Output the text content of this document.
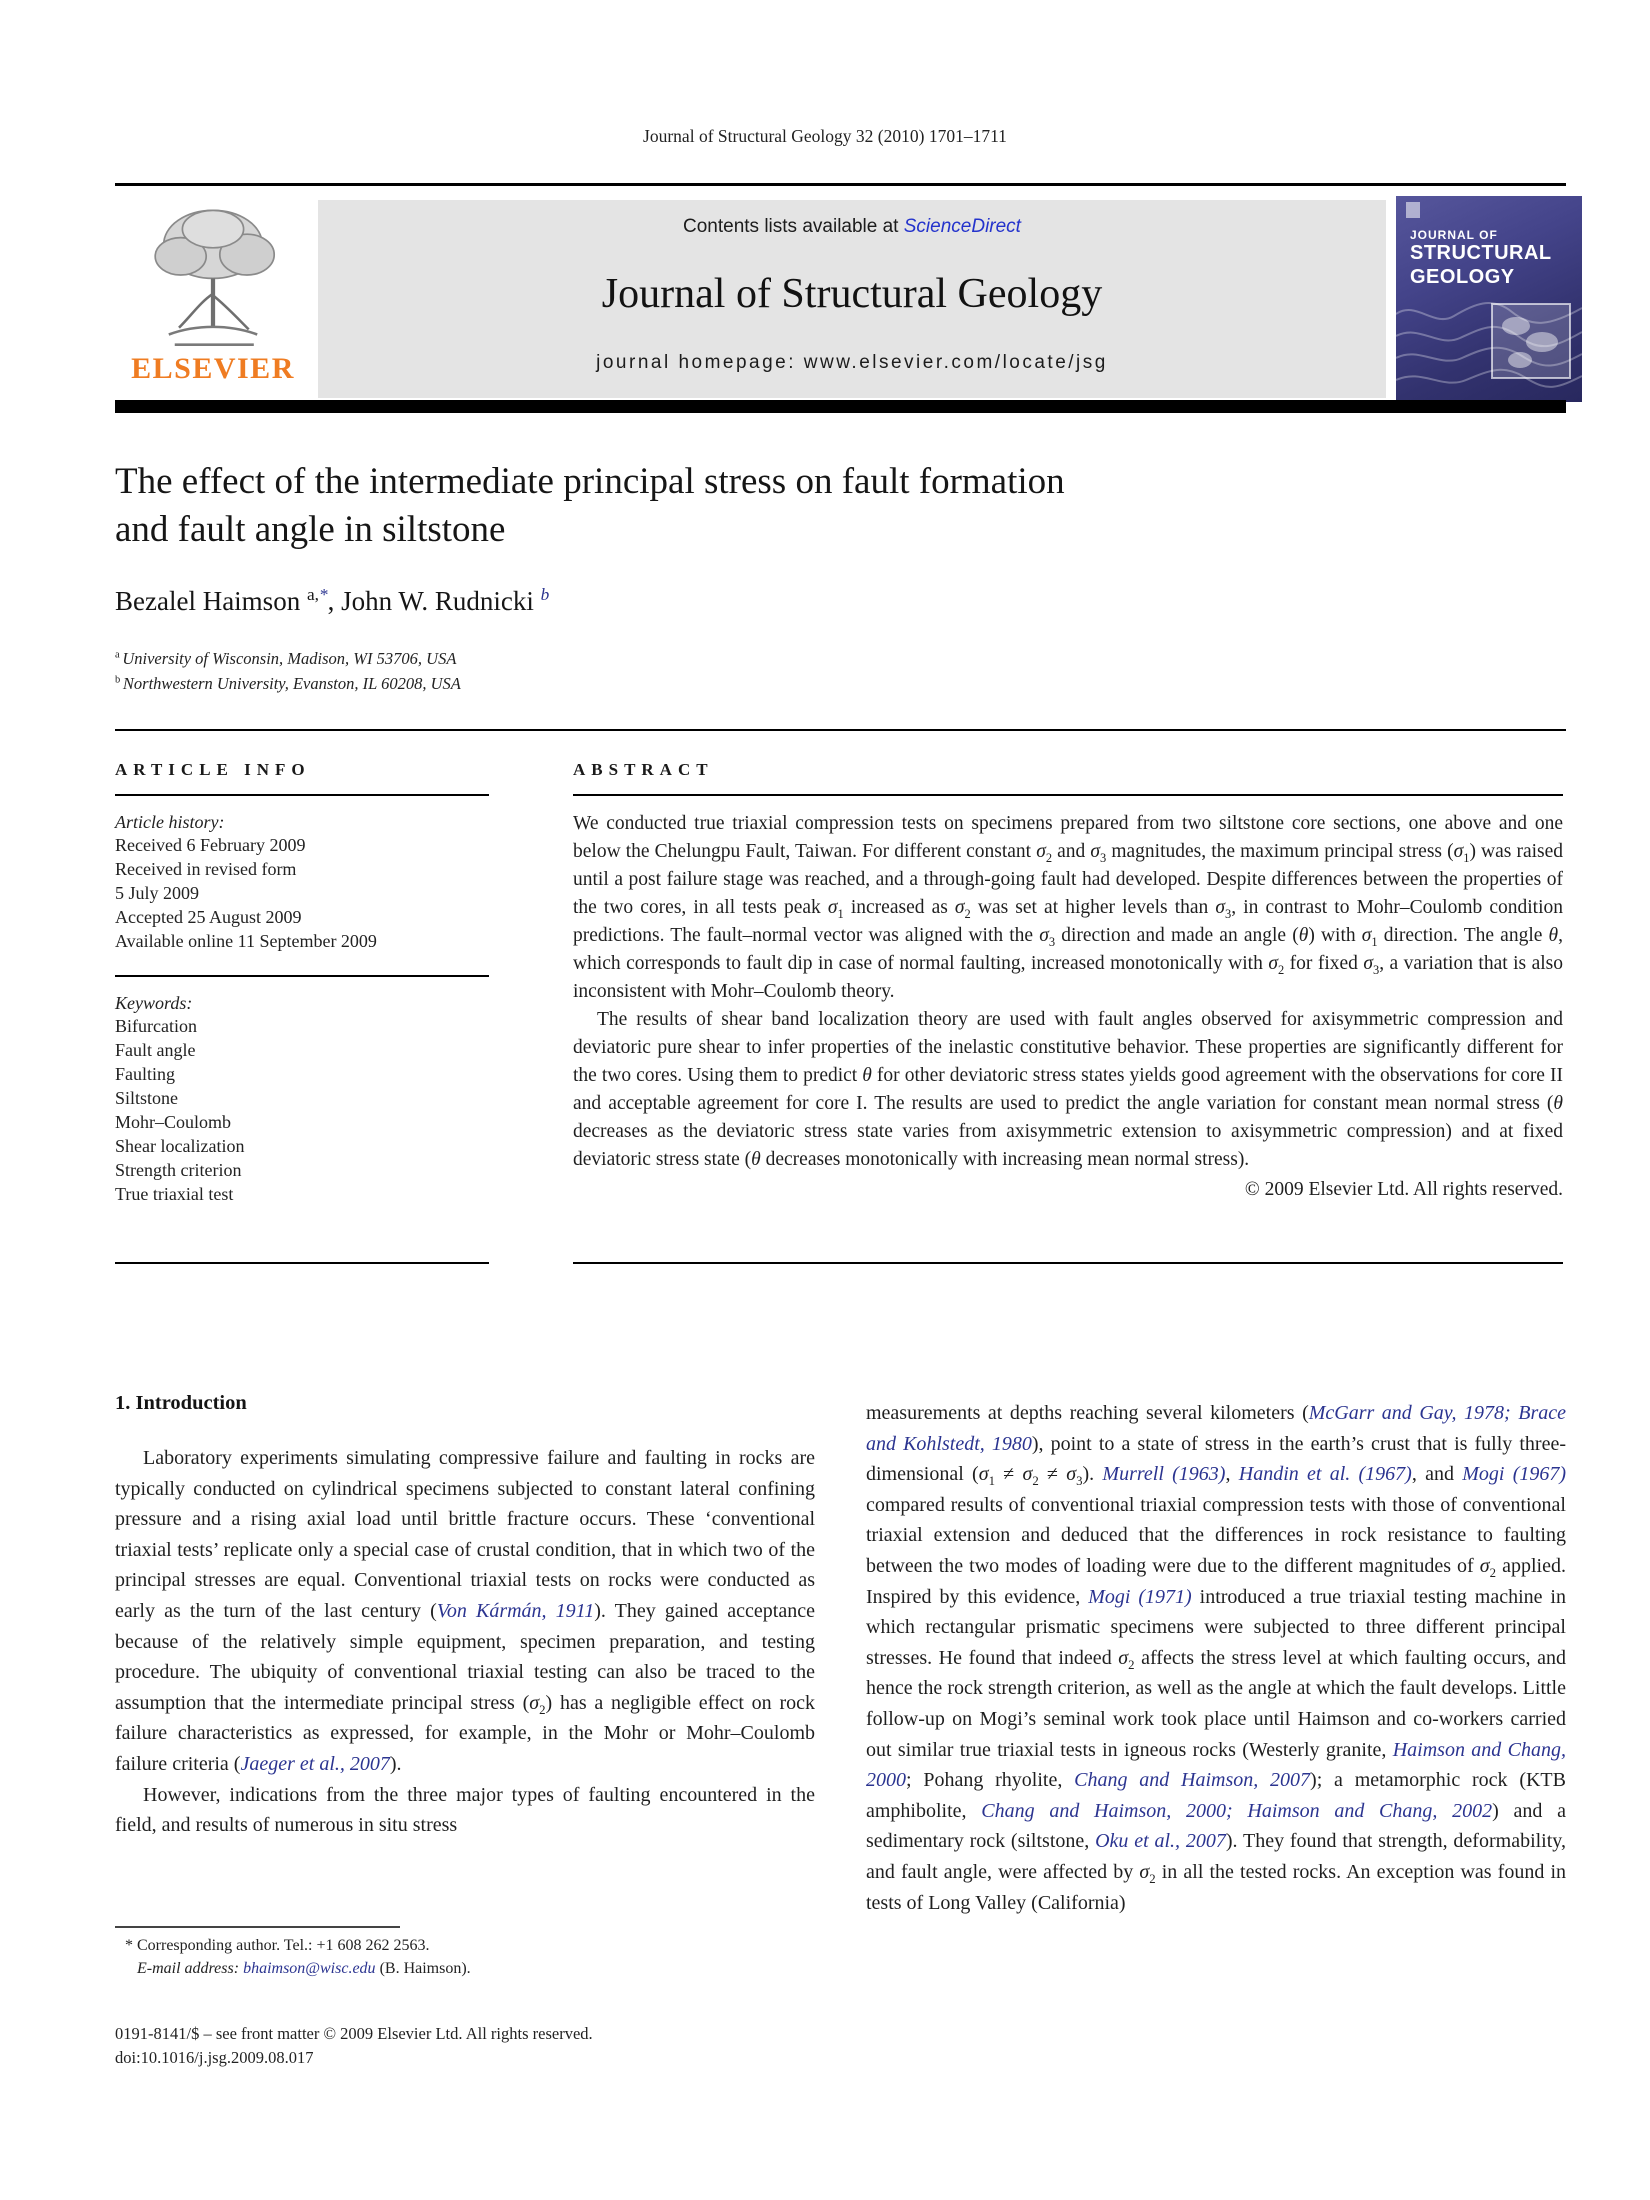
Journal of Structural Geology 32 (2010) 1701–1711
ELSEVIER
Contents lists available at ScienceDirect
Journal of Structural Geology
journal homepage: www.elsevier.com/locate/jsg
JOURNAL OF
STRUCTURAL
GEOLOGY
The effect of the intermediate principal stress on fault formation
and fault angle in siltstone
Bezalel Haimson $^{a,*}$, John W. Rudnicki $^b$
$^a$ University of Wisconsin, Madison, WI 53706, USA
$^b$ Northwestern University, Evanston, IL 60208, USA
ARTICLE INFO
Article history:
Received 6 February 2009
Received in revised form
5 July 2009
Accepted 25 August 2009
Available online 11 September 2009
Keywords:
Bifurcation
Fault angle
Faulting
Siltstone
Mohr–Coulomb
Shear localization
Strength criterion
True triaxial test
ABSTRACT
We conducted true triaxial compression tests on specimens prepared from two siltstone core sections, one above and one below the Chelungpu Fault, Taiwan. For different constant $\sigma_2$ and $\sigma_3$ magnitudes, the maximum principal stress $(\sigma_1)$ was raised until a post failure stage was reached, and a through-going fault had developed. Despite differences between the properties of the two cores, in all tests peak $\sigma_1$ increased as $\sigma_2$ was set at higher levels than $\sigma_3$, in contrast to Mohr–Coulomb condition predictions. The fault–normal vector was aligned with the $\sigma_3$ direction and made an angle (θ) with $\sigma_1$ direction. The angle θ, which corresponds to fault dip in case of normal faulting, increased monotonically with $\sigma_2$ for fixed $\sigma_3$, a variation that is also inconsistent with Mohr–Coulomb theory.
The results of shear band localization theory are used with fault angles observed for axisymmetric compression and deviatoric pure shear to infer properties of the inelastic constitutive behavior. These properties are significantly different for the two cores. Using them to predict θ for other deviatoric stress states yields good agreement with the observations for core II and acceptable agreement for core I. The results are used to predict the angle variation for constant mean normal stress (θ decreases as the deviatoric stress state varies from axisymmetric extension to axisymmetric compression) and at fixed deviatoric stress state (θ decreases monotonically with increasing mean normal stress).
© 2009 Elsevier Ltd. All rights reserved.
1. Introduction
Laboratory experiments simulating compressive failure and faulting in rocks are typically conducted on cylindrical specimens subjected to constant lateral confining pressure and a rising axial load until brittle fracture occurs. These ‘conventional triaxial tests’ replicate only a special case of crustal condition, that in which two of the principal stresses are equal. Conventional triaxial tests on rocks were conducted as early as the turn of the last century (Von Kármán, 1911). They gained acceptance because of the relatively simple equipment, specimen preparation, and testing procedure. The ubiquity of conventional triaxial testing can also be traced to the assumption that the intermediate principal stress $(\sigma_2)$ has a negligible effect on rock failure characteristics as expressed, for example, in the Mohr or Mohr–Coulomb failure criteria (Jaeger et al., 2007).
However, indications from the three major types of faulting encountered in the field, and results of numerous in situ stress
measurements at depths reaching several kilometers (McGarr and Gay, 1978; Brace and Kohlstedt, 1980), point to a state of stress in the earth’s crust that is fully three-dimensional $(\sigma_1 \ne \sigma_2 \ne \sigma_3)$. Murrell (1963), Handin et al. (1967), and Mogi (1967) compared results of conventional triaxial compression tests with those of conventional triaxial extension and deduced that the differences in rock resistance to faulting between the two modes of loading were due to the different magnitudes of $\sigma_2$ applied. Inspired by this evidence, Mogi (1971) introduced a true triaxial testing machine in which rectangular prismatic specimens were subjected to three different principal stresses. He found that indeed $\sigma_2$ affects the stress level at which faulting occurs, and hence the rock strength criterion, as well as the angle at which the fault develops. Little follow-up on Mogi’s seminal work took place until Haimson and co-workers carried out similar true triaxial tests in igneous rocks (Westerly granite, Haimson and Chang, 2000; Pohang rhyolite, Chang and Haimson, 2007); a metamorphic rock (KTB amphibolite, Chang and Haimson, 2000; Haimson and Chang, 2002) and a sedimentary rock (siltstone, Oku et al., 2007). They found that strength, deformability, and fault angle, were affected by $\sigma_2$ in all the tested rocks. An exception was found in tests of Long Valley (California)
* Corresponding author. Tel.: +1 608 262 2563.
E-mail address: bhaimson@wisc.edu (B. Haimson).
0191-8141/$ – see front matter © 2009 Elsevier Ltd. All rights reserved.
doi:10.1016/j.jsg.2009.08.017
